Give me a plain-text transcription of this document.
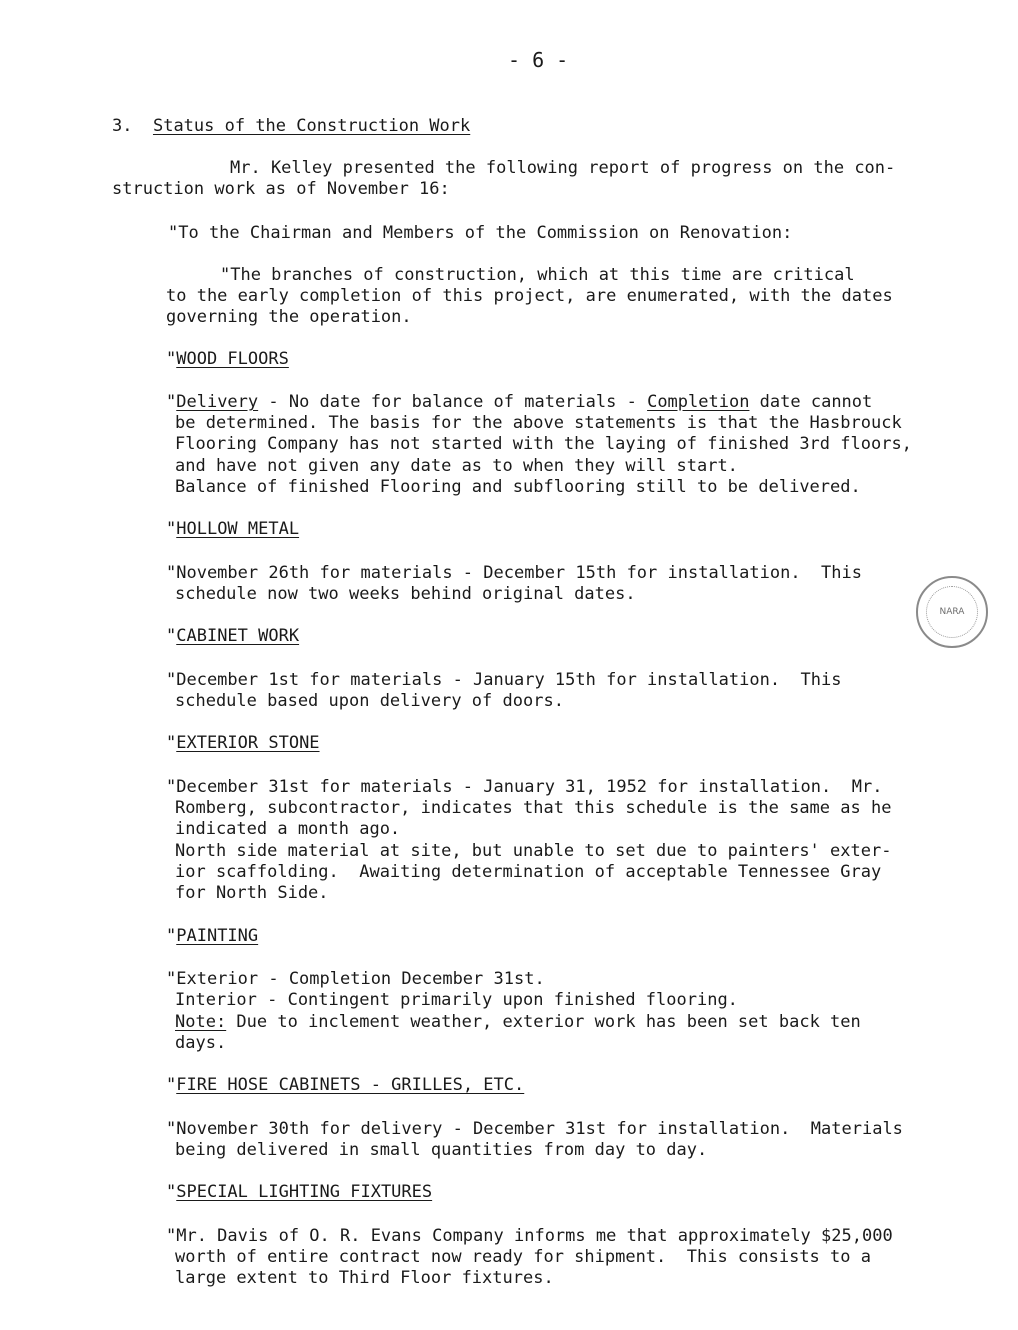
- 6 -
3. Status of the Construction Work
Mr. Kelley presented the following report of progress on the con-
struction work as of November 16:
"To the Chairman and Members of the Commission on Renovation:
"The branches of construction, which at this time are critical
to the early completion of this project, are enumerated, with the dates
governing the operation.
"WOOD FLOORS
"Delivery - No date for balance of materials - Completion date cannot
be determined. The basis for the above statements is that the Hasbrouck
Flooring Company has not started with the laying of finished 3rd floors,
and have not given any date as to when they will start.
Balance of finished Flooring and subflooring still to be delivered.
"HOLLOW METAL
"November 26th for materials - December 15th for installation.  This
schedule now two weeks behind original dates.
"CABINET WORK
"December 1st for materials - January 15th for installation.  This
schedule based upon delivery of doors.
"EXTERIOR STONE
"December 31st for materials - January 31, 1952 for installation.  Mr.
Romberg, subcontractor, indicates that this schedule is the same as he
indicated a month ago.
North side material at site, but unable to set due to painters' exter-
ior scaffolding.  Awaiting determination of acceptable Tennessee Gray
for North Side.
"PAINTING
"Exterior - Completion December 31st.
Interior - Contingent primarily upon finished flooring.
Note: Due to inclement weather, exterior work has been set back ten
days.
"FIRE HOSE CABINETS - GRILLES, ETC.
"November 30th for delivery - December 31st for installation.  Materials
being delivered in small quantities from day to day.
"SPECIAL LIGHTING FIXTURES
"Mr. Davis of O. R. Evans Company informs me that approximately $25,000
worth of entire contract now ready for shipment.  This consists to a
large extent to Third Floor fixtures.
NARA
